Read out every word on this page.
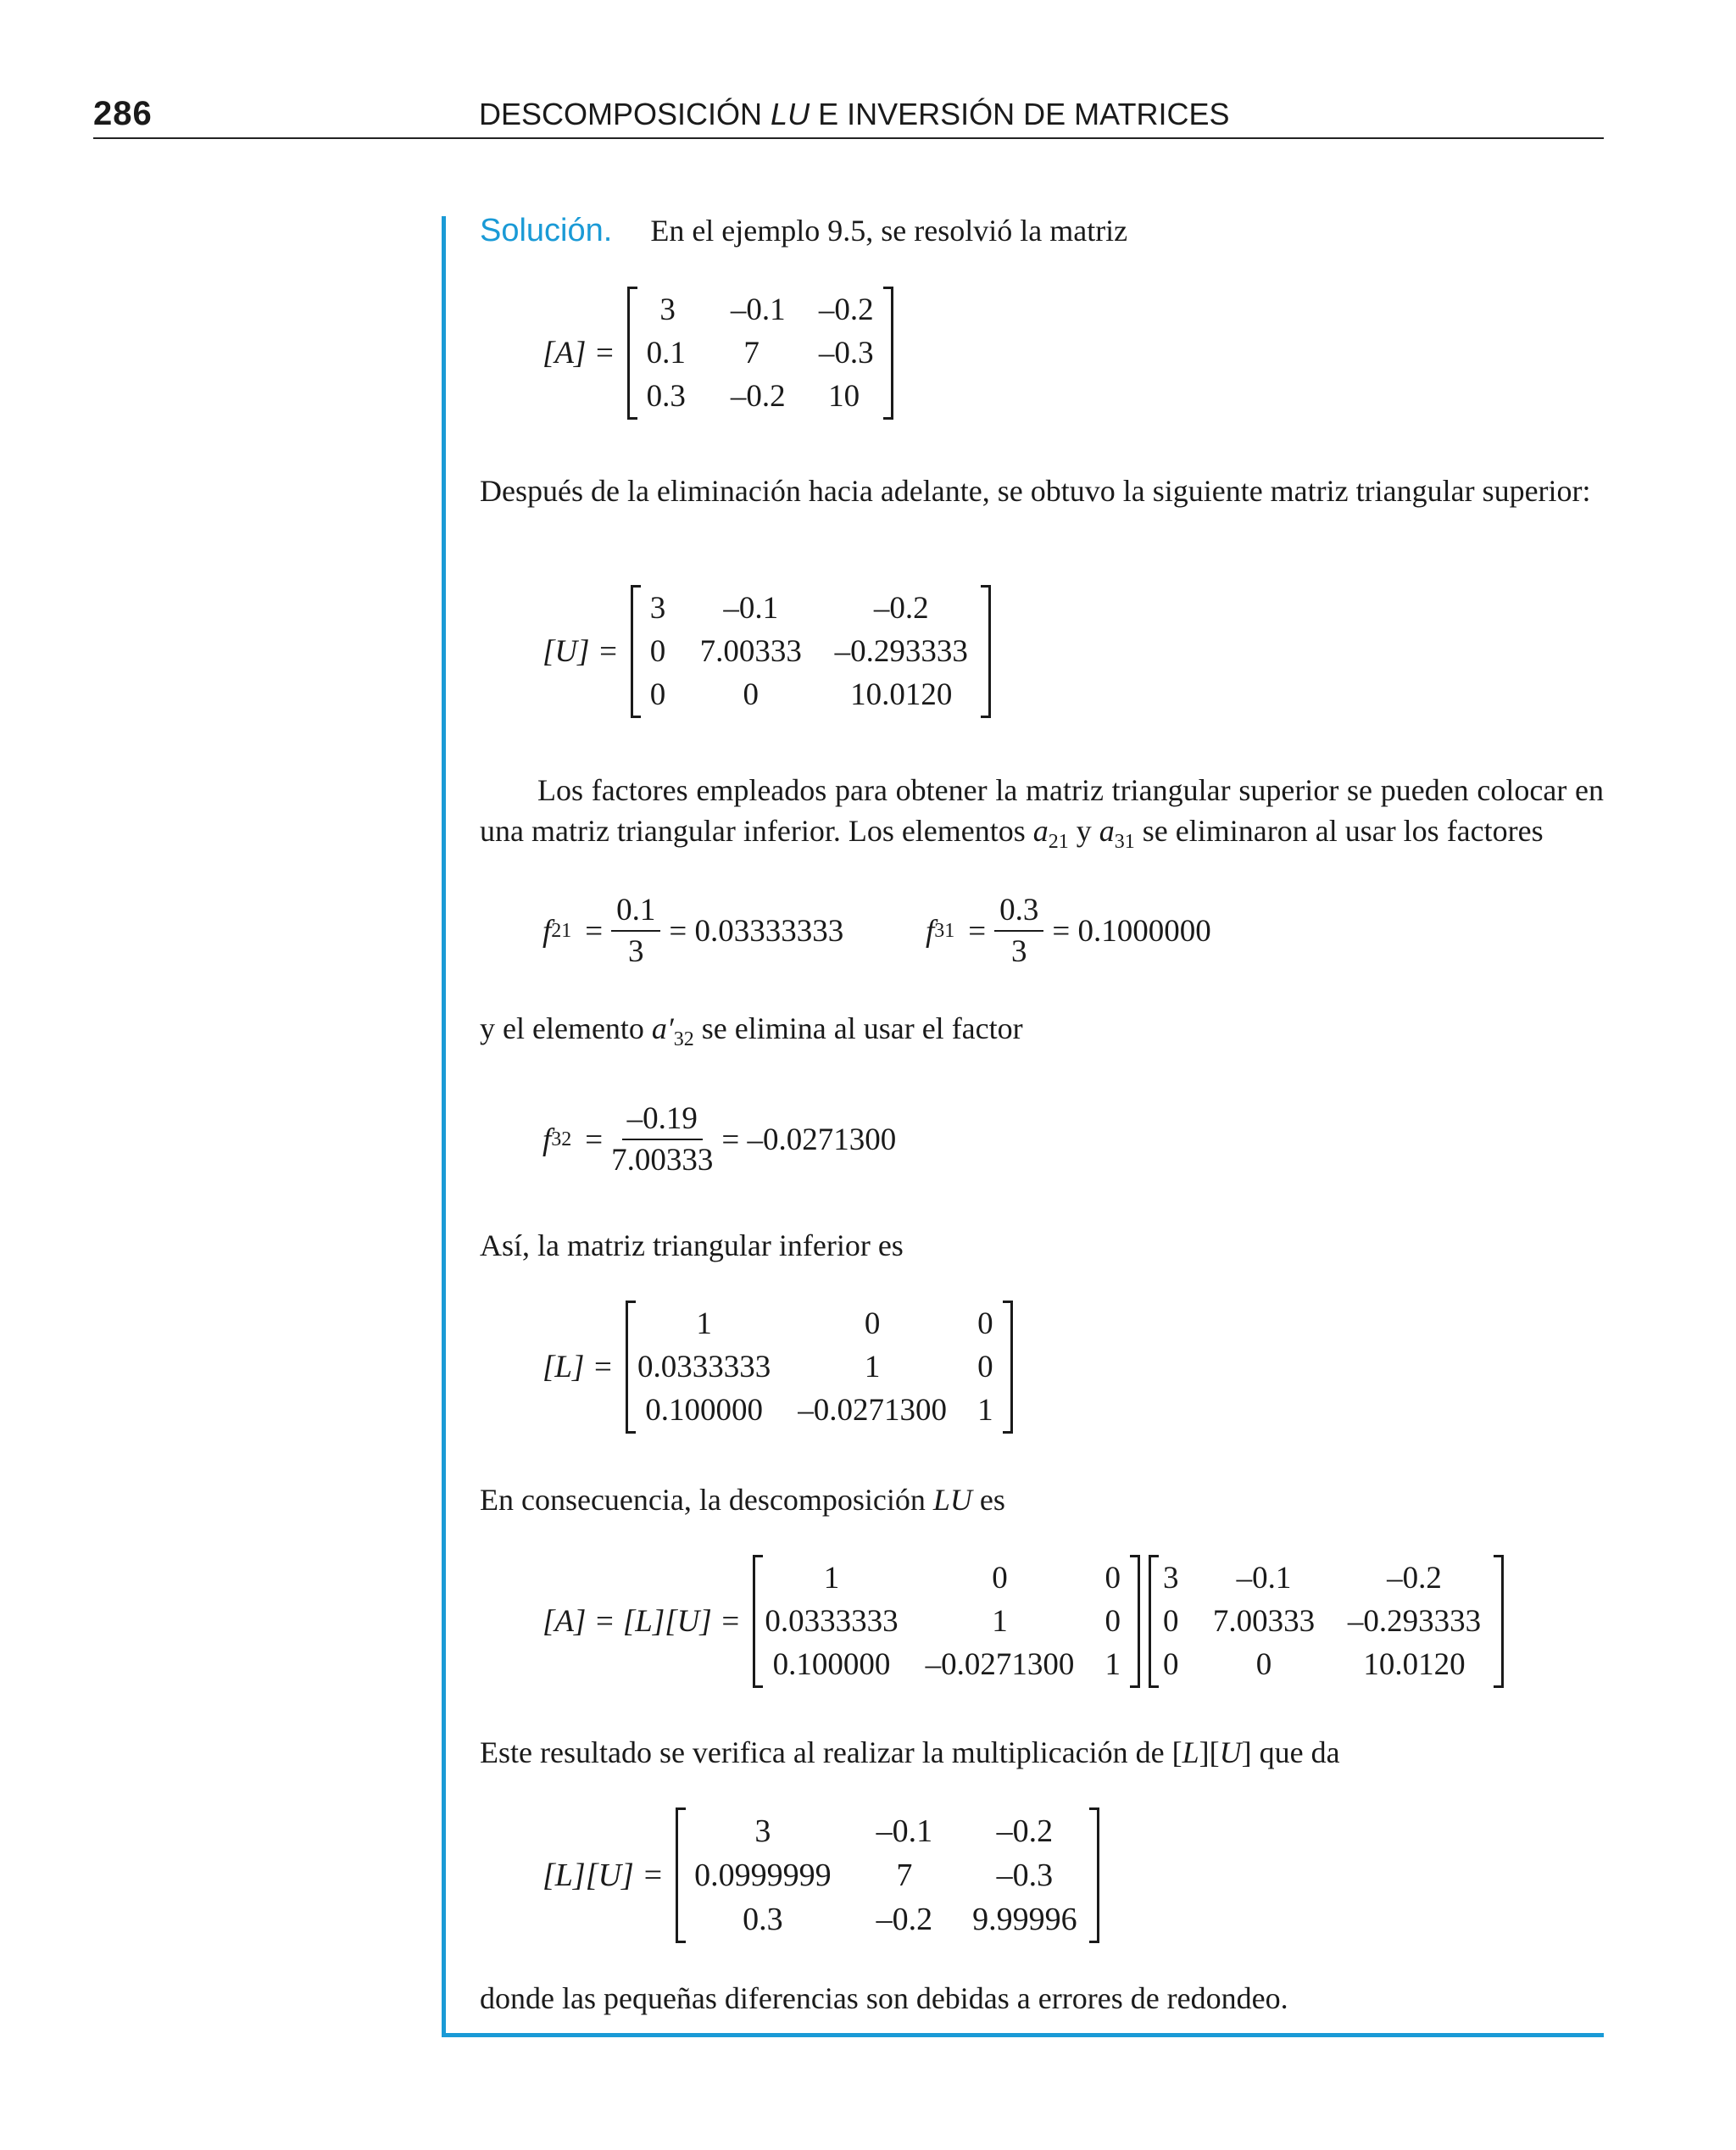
286	DESCOMPOSICIÓN LU E INVERSIÓN DE MATRICES
Solución. En el ejemplo 9.5, se resolvió la matriz
[A] =
3	–0.1 –0.2
0.1	7	–0.3
0.3	–0.2	10
Después de la eliminación hacia adelante, se obtuvo la siguiente matriz triangular superior:
[U] =
3	–0.1	–0.2
0 7.00333 –0.293333
0	0	10.0120
Los factores empleados para obtener la matriz triangular superior se pueden colocar en una matriz triangular inferior. Los elementos $a_{21}$ y $a_{31}$ se eliminaron al usar los factores
f $21 = \frac{0.1}{3} = 0.03333333$	f $31 = \frac{0.3}{3} = 0.1000000$
y el elemento $a'_{32}$ se elimina al usar el factor
f $32 = \frac{-0.19}{7.00333} = -0.0271300$
Así, la matriz triangular inferior es
[L] =
1	0	0
0.0333333	1	0
0.100000 –0.0271300 1
En consecuencia, la descomposición LU es
[A] = [L][U] =
1	0	0
0.0333333	1	0
0.100000 –0.0271300 1
3	–0.1	–0.2
0 7.00333 –0.293333
0	0	10.0120
Este resultado se verifica al realizar la multiplicación de [L][U] que da
[L][U] =
3	–0.1	–0.2
0.0999999	7	–0.3
0.3	–0.2	9.99996
donde las pequeñas diferencias son debidas a errores de redondeo.
